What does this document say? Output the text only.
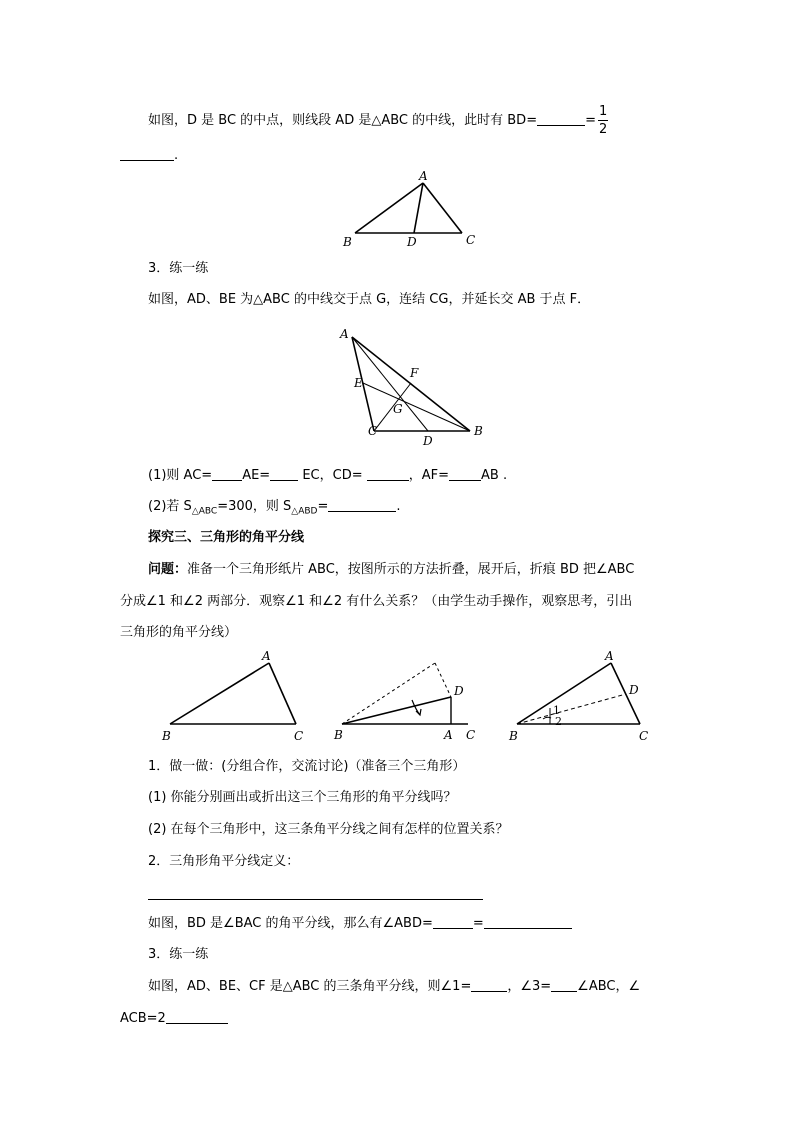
如图，D 是 BC 的中点，则线段 AD 是△ABC 的中线，此时有 BD=	= $\frac{1}{2}$
.
A
B	D	C
3．练一练
如图，AD、BE 为△ABC 的中线交于点 G，连结 CG，并延长交 AB 于点 F．
A
E
F
G
C
D
B
(1)则 AC= AE= EC，CD=	，AF= AB .
(2)若 $S_{\triangle ABC}=300$，则 $S_{\triangle ABD}=$	.
探究三、三角形的角平分线
问题：准备一个三角形纸片 ABC，按图所示的方法折叠，展开后，折痕 BD 把∠ABC
分成∠1 和∠2 两部分．观察∠1 和∠2 有什么关系？（由学生动手操作，观察思考，引出
三角形的角平分线）
A
B	C
D
B	A C
A
D
B	C
1
2
1．做一做：(分组合作，交流讨论)（准备三个三角形）
(1) 你能分别画出或折出这三个三角形的角平分线吗？
(2) 在每个三角形中，这三条角平分线之间有怎样的位置关系？
2．三角形角平分线定义：
如图，BD 是∠BAC 的角平分线，那么有∠ABD=	=
3．练一练
如图，AD、BE、CF 是△ABC 的三条角平分线，则∠1=	，∠3= ∠ABC，∠
ACB=2
